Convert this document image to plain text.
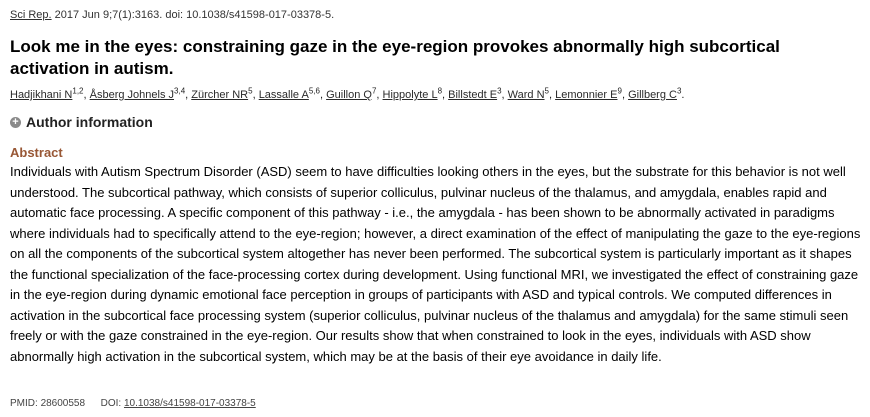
Sci Rep. 2017 Jun 9;7(1):3163. doi: 10.1038/s41598-017-03378-5.
Look me in the eyes: constraining gaze in the eye-region provokes abnormally high subcortical activation in autism.
Hadjikhani N$^{1,2}$, Åsberg Johnels J$^{3,4}$, Zürcher $NR^5$, Lassalle A$^{5,6}$, Guillon $Q^7$, Hippolyte $L^8$, Billstedt $E^3$, Ward $N^5$, Lemonnier $E^9$, Gillberg $C^3$.
+ Author information
Abstract
Individuals with Autism Spectrum Disorder (ASD) seem to have difficulties looking others in the eyes, but the substrate for this behavior is not well understood. The subcortical pathway, which consists of superior colliculus, pulvinar nucleus of the thalamus, and amygdala, enables rapid and automatic face processing. A specific component of this pathway - i.e., the amygdala - has been shown to be abnormally activated in paradigms where individuals had to specifically attend to the eye-region; however, a direct examination of the effect of manipulating the gaze to the eye-regions on all the components of the subcortical system altogether has never been performed. The subcortical system is particularly important as it shapes the functional specialization of the face-processing cortex during development. Using functional MRI, we investigated the effect of constraining gaze in the eye-region during dynamic emotional face perception in groups of participants with ASD and typical controls. We computed differences in activation in the subcortical face processing system (superior colliculus, pulvinar nucleus of the thalamus and amygdala) for the same stimuli seen freely or with the gaze constrained in the eye-region. Our results show that when constrained to look in the eyes, individuals with ASD show abnormally high activation in the subcortical system, which may be at the basis of their eye avoidance in daily life.
PMID: 28600558 DOI: 10.1038/s41598-017-03378-5
